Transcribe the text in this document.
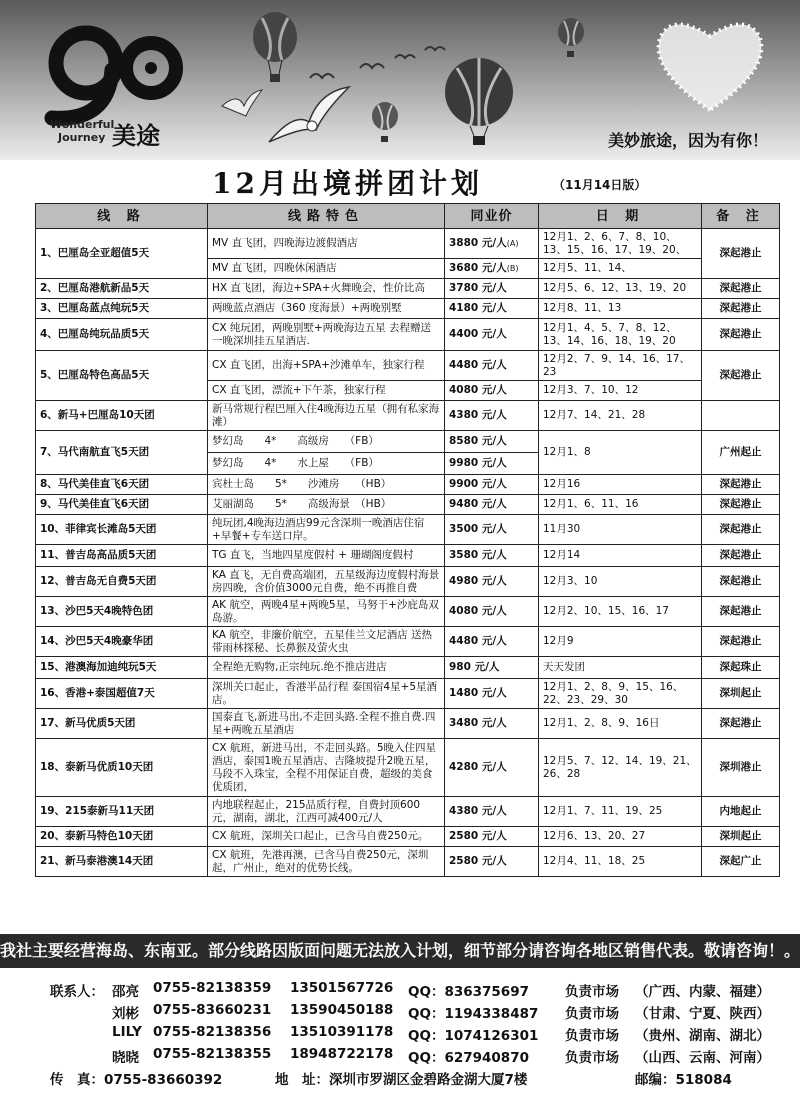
Wonderful
Journey 美途	美妙旅途，因为有你！
12月出境拼团计划	（11月14日版）
线 路	线路特色	同业价	日 期	备 注
1、巴厘岛全亚超值5天	MV 直飞团，四晚海边渡假酒店	3880 元/人(A)	12月1、2、6、7、8、10、13、15、16、17、19、20、	深起港止
	MV 直飞团，四晚休闲酒店	3680 元/人(B)	12月5、11、14、	
2、巴厘岛港航新品5天	HX 直飞团，海边+SPA+火舞晚会，性价比高	3780 元/人	12月5、6、12、13、19、20	深起港止
3、巴厘岛蓝点纯玩5天	两晚蓝点酒店（360 度海景）+两晚别墅	4180 元/人	12月8、11、13	深起港止
4、巴厘岛纯玩品质5天	CX 纯玩团，两晚别墅+两晚海边五星 去程赠送一晚深圳挂五星酒店.	4400 元/人	12月1、4、5、7、8、12、13、14、16、18、19、20	深起港止
5、巴厘岛特色高品5天	CX 直飞团，出海+SPA+沙滩单车，独家行程	4480 元/人	12月2、7、9、14、16、17、23	深起港止
	CX 直飞团，漂流+下午茶，独家行程	4080 元/人	12月3、7、10、12	
6、新马+巴厘岛10天团	新马常规行程巴厘入住4晚海边五星（拥有私家海滩）	4380 元/人	12月7、14、21、28	
7、马代南航直飞5天团	梦幻岛　　4*　　高级房　　（FB）	8580 元/人	12月1、8	广州起止
	梦幻岛　　4*　　水上屋　　（FB）	9980 元/人		
8、马代美佳直飞6天团	宾杜士岛　　5*　　沙滩房　　（HB）	9900 元/人	12月16	深起港止
9、马代美佳直飞6天团	艾丽湖岛　　5*　　高级海景　（HB）	9480 元/人	12月1、6、11、16	深起港止
10、菲律宾长滩岛5天团	纯玩团,4晚海边酒店99元含深圳一晚酒店住宿+早餐+专车送口岸。	3500 元/人	11月30	深起港止
11、普吉岛高品质5天团	TG 直飞，当地四星度假村 + 珊瑚阁度假村	3580 元/人	12月14	深起港止
12、普吉岛无自费5天团	KA 直飞，无自费高端团，五星级海边度假村海景房四晚，含价值3000元自费，绝不再推自费	4980 元/人	12月3、10	深起港止
13、沙巴5天4晚特色团	AK 航空，两晚4星+两晚5星，马努干+沙庇岛双岛游。	4080 元/人	12月2、10、15、16、17	深起港止
14、沙巴5天4晚豪华团	KA 航空，非廉价航空，五星佳兰文尼酒店 送热带雨林探秘、长鼻猴及萤火虫	4480 元/人	12月9	深起港止
15、港澳海加迪纯玩5天	全程绝无购物,正宗纯玩.绝不推店进店	980 元/人	天天发团	深起珠止
16、香港+泰国超值7天	深圳关口起止，香港半品行程 泰国宿4星+5星酒店。	1480 元/人	12月1、2、8、9、15、16、22、23、29、30	深圳起止
17、新马优质5天团	国泰直飞,新进马出,不走回头路.全程不推自费.四星+两晚五星酒店	3480 元/人	12月1、2、8、9、16日	深起港止
18、泰新马优质10天团	CX 航班，新进马出，不走回头路。5晚入住四星酒店，泰国1晚五星酒店、吉隆坡提升2晚五星，马段不入珠宝，全程不用保证自费，超级的美食优质团，	4280 元/人	12月5、7、12、14、19、21、26、28	深圳港止
19、215泰新马11天团	内地联程起止，215品质行程，自费封顶600元，湖南，湖北，江西可减400元/人	4380 元/人	12月1、7、11、19、25	内地起止
20、泰新马特色10天团	CX 航班，深圳关口起止，已含马自费250元。	2580 元/人	12月6、13、20、27	深圳起止
21、新马泰港澳14天团	CX 航班，先港再澳，已含马自费250元，深圳起，广州止，绝对的优势长线。	2580 元/人	12月4、11、18、25	深起广止
我社主要经营海岛、东南亚。部分线路因版面问题无法放入计划，细节部分请咨询各地区销售代表。敬请咨询！。
联系人： 邵亮 0755-82138359 13501567726 QQ：836375697	负责市场 （广西、内蒙、福建）
刘彬 0755-83660231 13590450188 QQ：1194338487 负责市场 （甘肃、宁夏、陕西）
LILY 0755-82138356 13510391178 QQ：1074126301 负责市场 （贵州、湖南、湖北）
晓晓 0755-82138355 18948722178 QQ：627940870	负责市场 （山西、云南、河南）
传　真：0755-83660392	地　址：深圳市罗湖区金碧路金湖大厦7楼	邮编：518084
